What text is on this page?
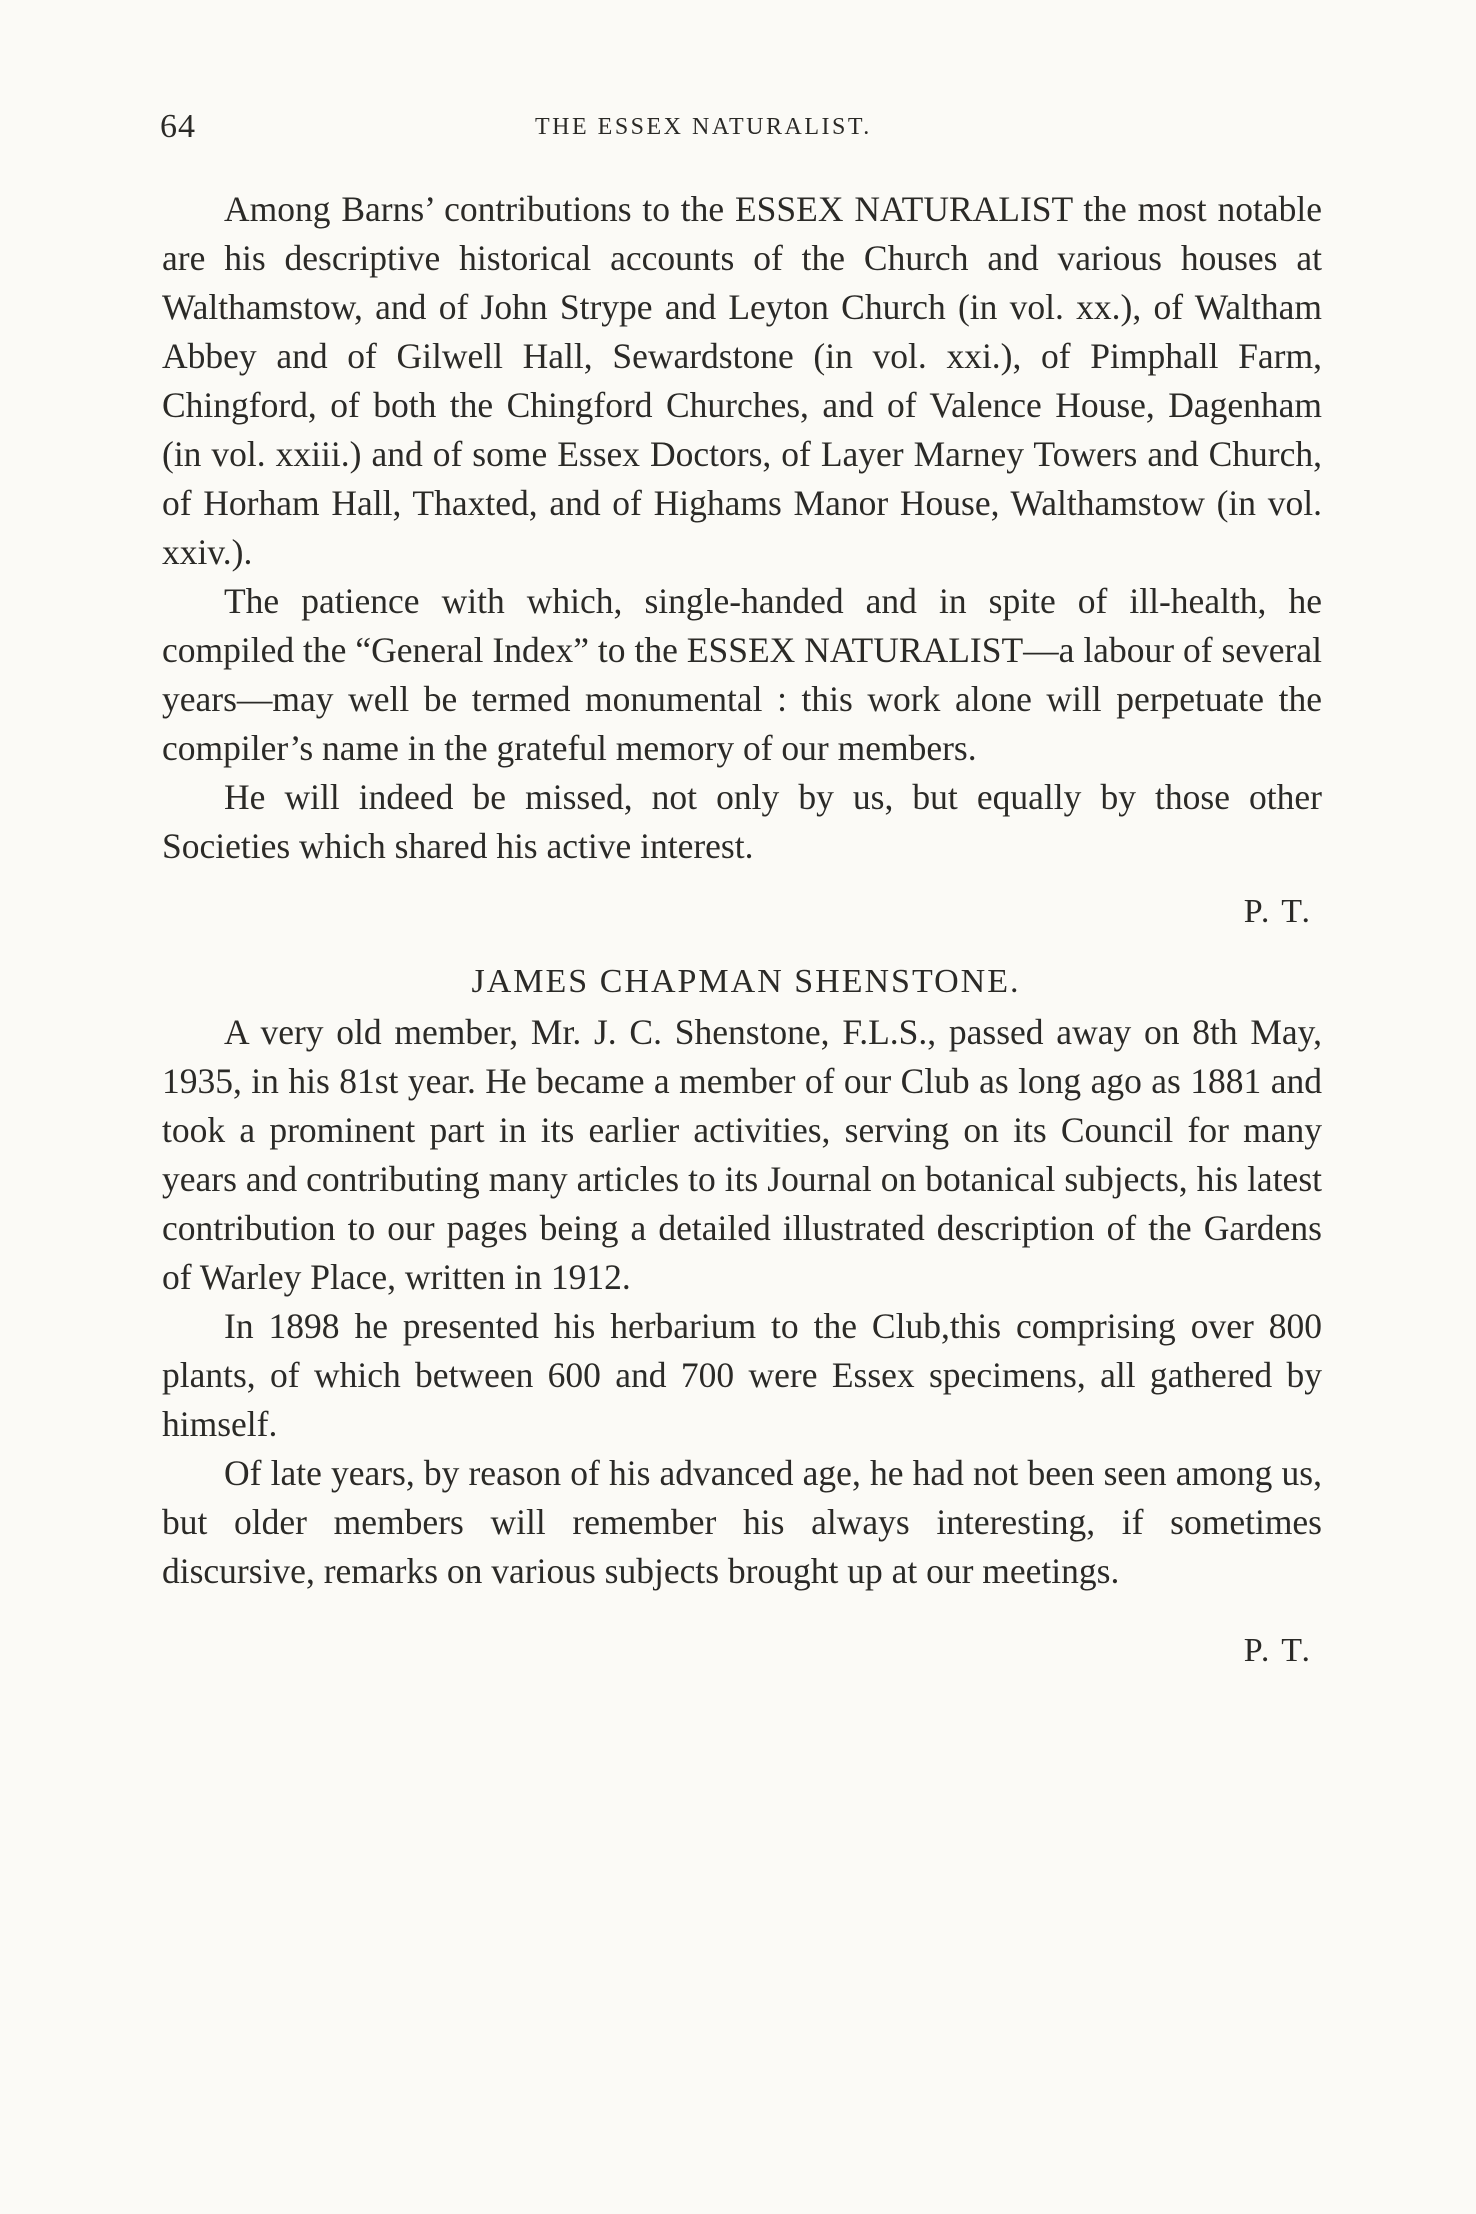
64	THE ESSEX NATURALIST.

Among Barns’ contributions to the ESSEX NATURALIST the most notable are his descriptive historical accounts of the Church and various houses at Walthamstow, and of John Strype and Leyton Church (in vol. xx.), of Waltham Abbey and of Gilwell Hall, Sewardstone (in vol. xxi.), of Pimphall Farm, Chingford, of both the Chingford Churches, and of Valence House, Dagenham (in vol. xxiii.) and of some Essex Doctors, of Layer Marney Towers and Church, of Horham Hall, Thaxted, and of Highams Manor House, Walthamstow (in vol. xxiv.).

The patience with which, single-handed and in spite of ill-health, he compiled the “General Index” to the ESSEX NATURALIST—a labour of several years—may well be termed monumental : this work alone will perpetuate the compiler’s name in the grateful memory of our members.

He will indeed be missed, not only by us, but equally by those other Societies which shared his active interest.

P. T.
JAMES CHAPMAN SHENSTONE.

A very old member, Mr. J. C. Shenstone, F.L.S., passed away on 8th May, 1935, in his 81st year. He became a member of our Club as long ago as 1881 and took a prominent part in its earlier activities, serving on its Council for many years and contributing many articles to its Journal on botanical subjects, his latest contribution to our pages being a detailed illustrated description of the Gardens of Warley Place, written in 1912.

In 1898 he presented his herbarium to the Club,this comprising over 800 plants, of which between 600 and 700 were Essex specimens, all gathered by himself.

Of late years, by reason of his advanced age, he had not been seen among us, but older members will remember his always interesting, if sometimes discursive, remarks on various subjects brought up at our meetings.

P. T.
